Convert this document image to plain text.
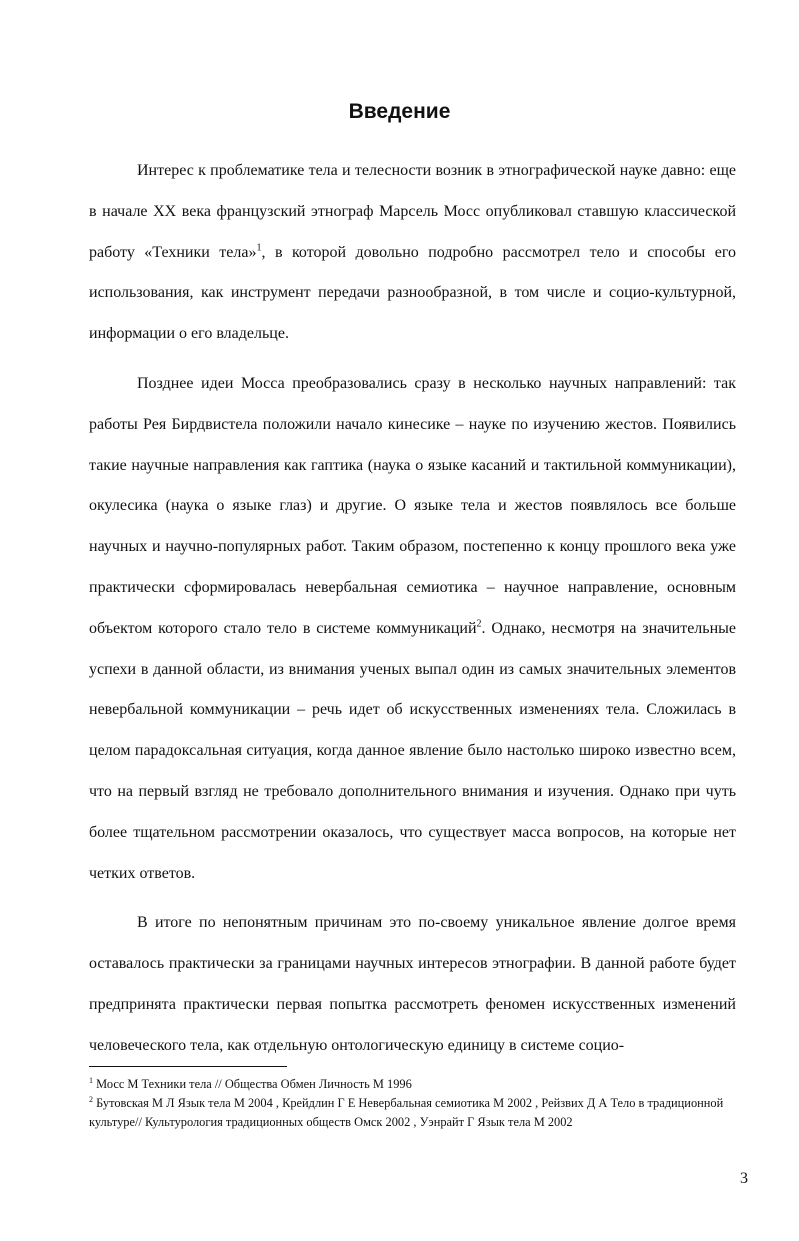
Введение

Интерес к проблематике тела и телесности возник в этнографической науке давно: еще в начале XX века французский этнограф Марсель Мосс опубликовал ставшую классической работу «Техники тела»$^1$, в которой довольно подробно рассмотрел тело и способы его использования, как инструмент передачи разнообразной, в том числе и социо-культурной, информации о его владельце.

Позднее идеи Мосса преобразовались сразу в несколько научных направлений: так работы Рея Бирдвистела положили начало кинесике – науке по изучению жестов. Появились такие научные направления как гаптика (наука о языке касаний и тактильной коммуникации), окулесика (наука о языке глаз) и другие. О языке тела и жестов появлялось все больше научных и научно-популярных работ. Таким образом, постепенно к концу прошлого века уже практически сформировалась невербальная семиотика – научное направление, основным объектом которого стало тело в системе коммуникаций$^2$. Однако, несмотря на значительные успехи в данной области, из внимания ученых выпал один из самых значительных элементов невербальной коммуникации – речь идет об искусственных изменениях тела. Сложилась в целом парадоксальная ситуация, когда данное явление было настолько широко известно всем, что на первый взгляд не требовало дополнительного внимания и изучения. Однако при чуть более тщательном рассмотрении оказалось, что существует масса вопросов, на которые нет четких ответов.

В итоге по непонятным причинам это по-своему уникальное явление долгое время оставалось практически за границами научных интересов этнографии. В данной работе будет предпринята практически первая попытка рассмотреть феномен искусственных изменений человеческого тела, как отдельную онтологическую единицу в системе социо-

$^1$ Мосс М Техники тела // Общества Обмен Личность М 1996

$^2$ Бутовская М Л Язык тела М 2004 , Крейдлин Г Е Невербальная семиотика М 2002 , Рейзвих Д А Тело в традиционной культуре// Культурология традиционных обществ Омск 2002 , Уэнрайт Г Язык тела М 2002

3
